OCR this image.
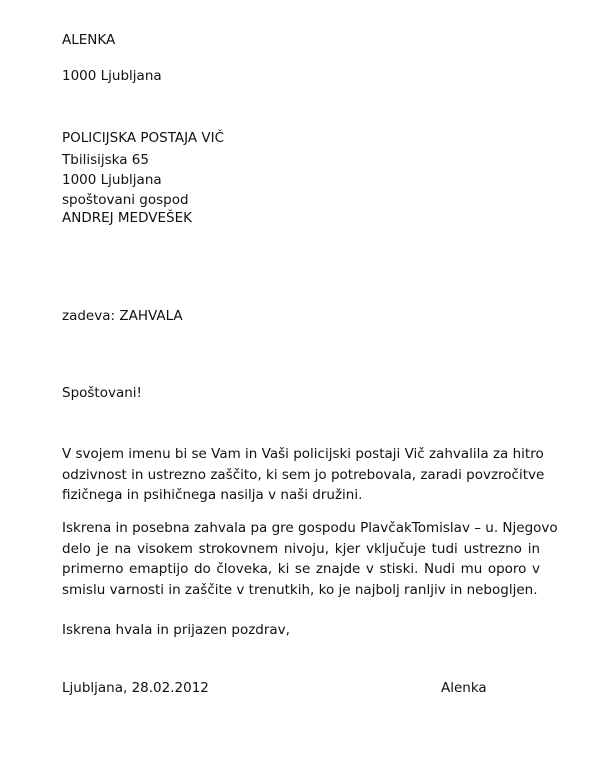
ALENKA
1000 Ljubljana
POLICIJSKA POSTAJA VIČ
Tbilisijska 65
1000 Ljubljana
spoštovani gospod
ANDREJ MEDVEŠEK
zadeva: ZAHVALA
Spoštovani!
V svojem imenu bi se Vam in Vaši policijski postaji Vič zahvalila za hitro
odzivnost in ustrezno zaščito, ki sem jo potrebovala, zaradi povzročitve
fizičnega in psihičnega nasilja v naši družini.
Iskrena in posebna zahvala pa gre gospodu PlavčakTomislav – u. Njegovo
delo je na visokem strokovnem nivoju, kjer vključuje tudi ustrezno in
primerno emaptijo do človeka, ki se znajde v stiski. Nudi mu oporo v
smislu varnosti in zaščite v trenutkih, ko je najbolj ranljiv in nebogljen.
Iskrena hvala in prijazen pozdrav,
Ljubljana, 28.02.2012	Alenka
